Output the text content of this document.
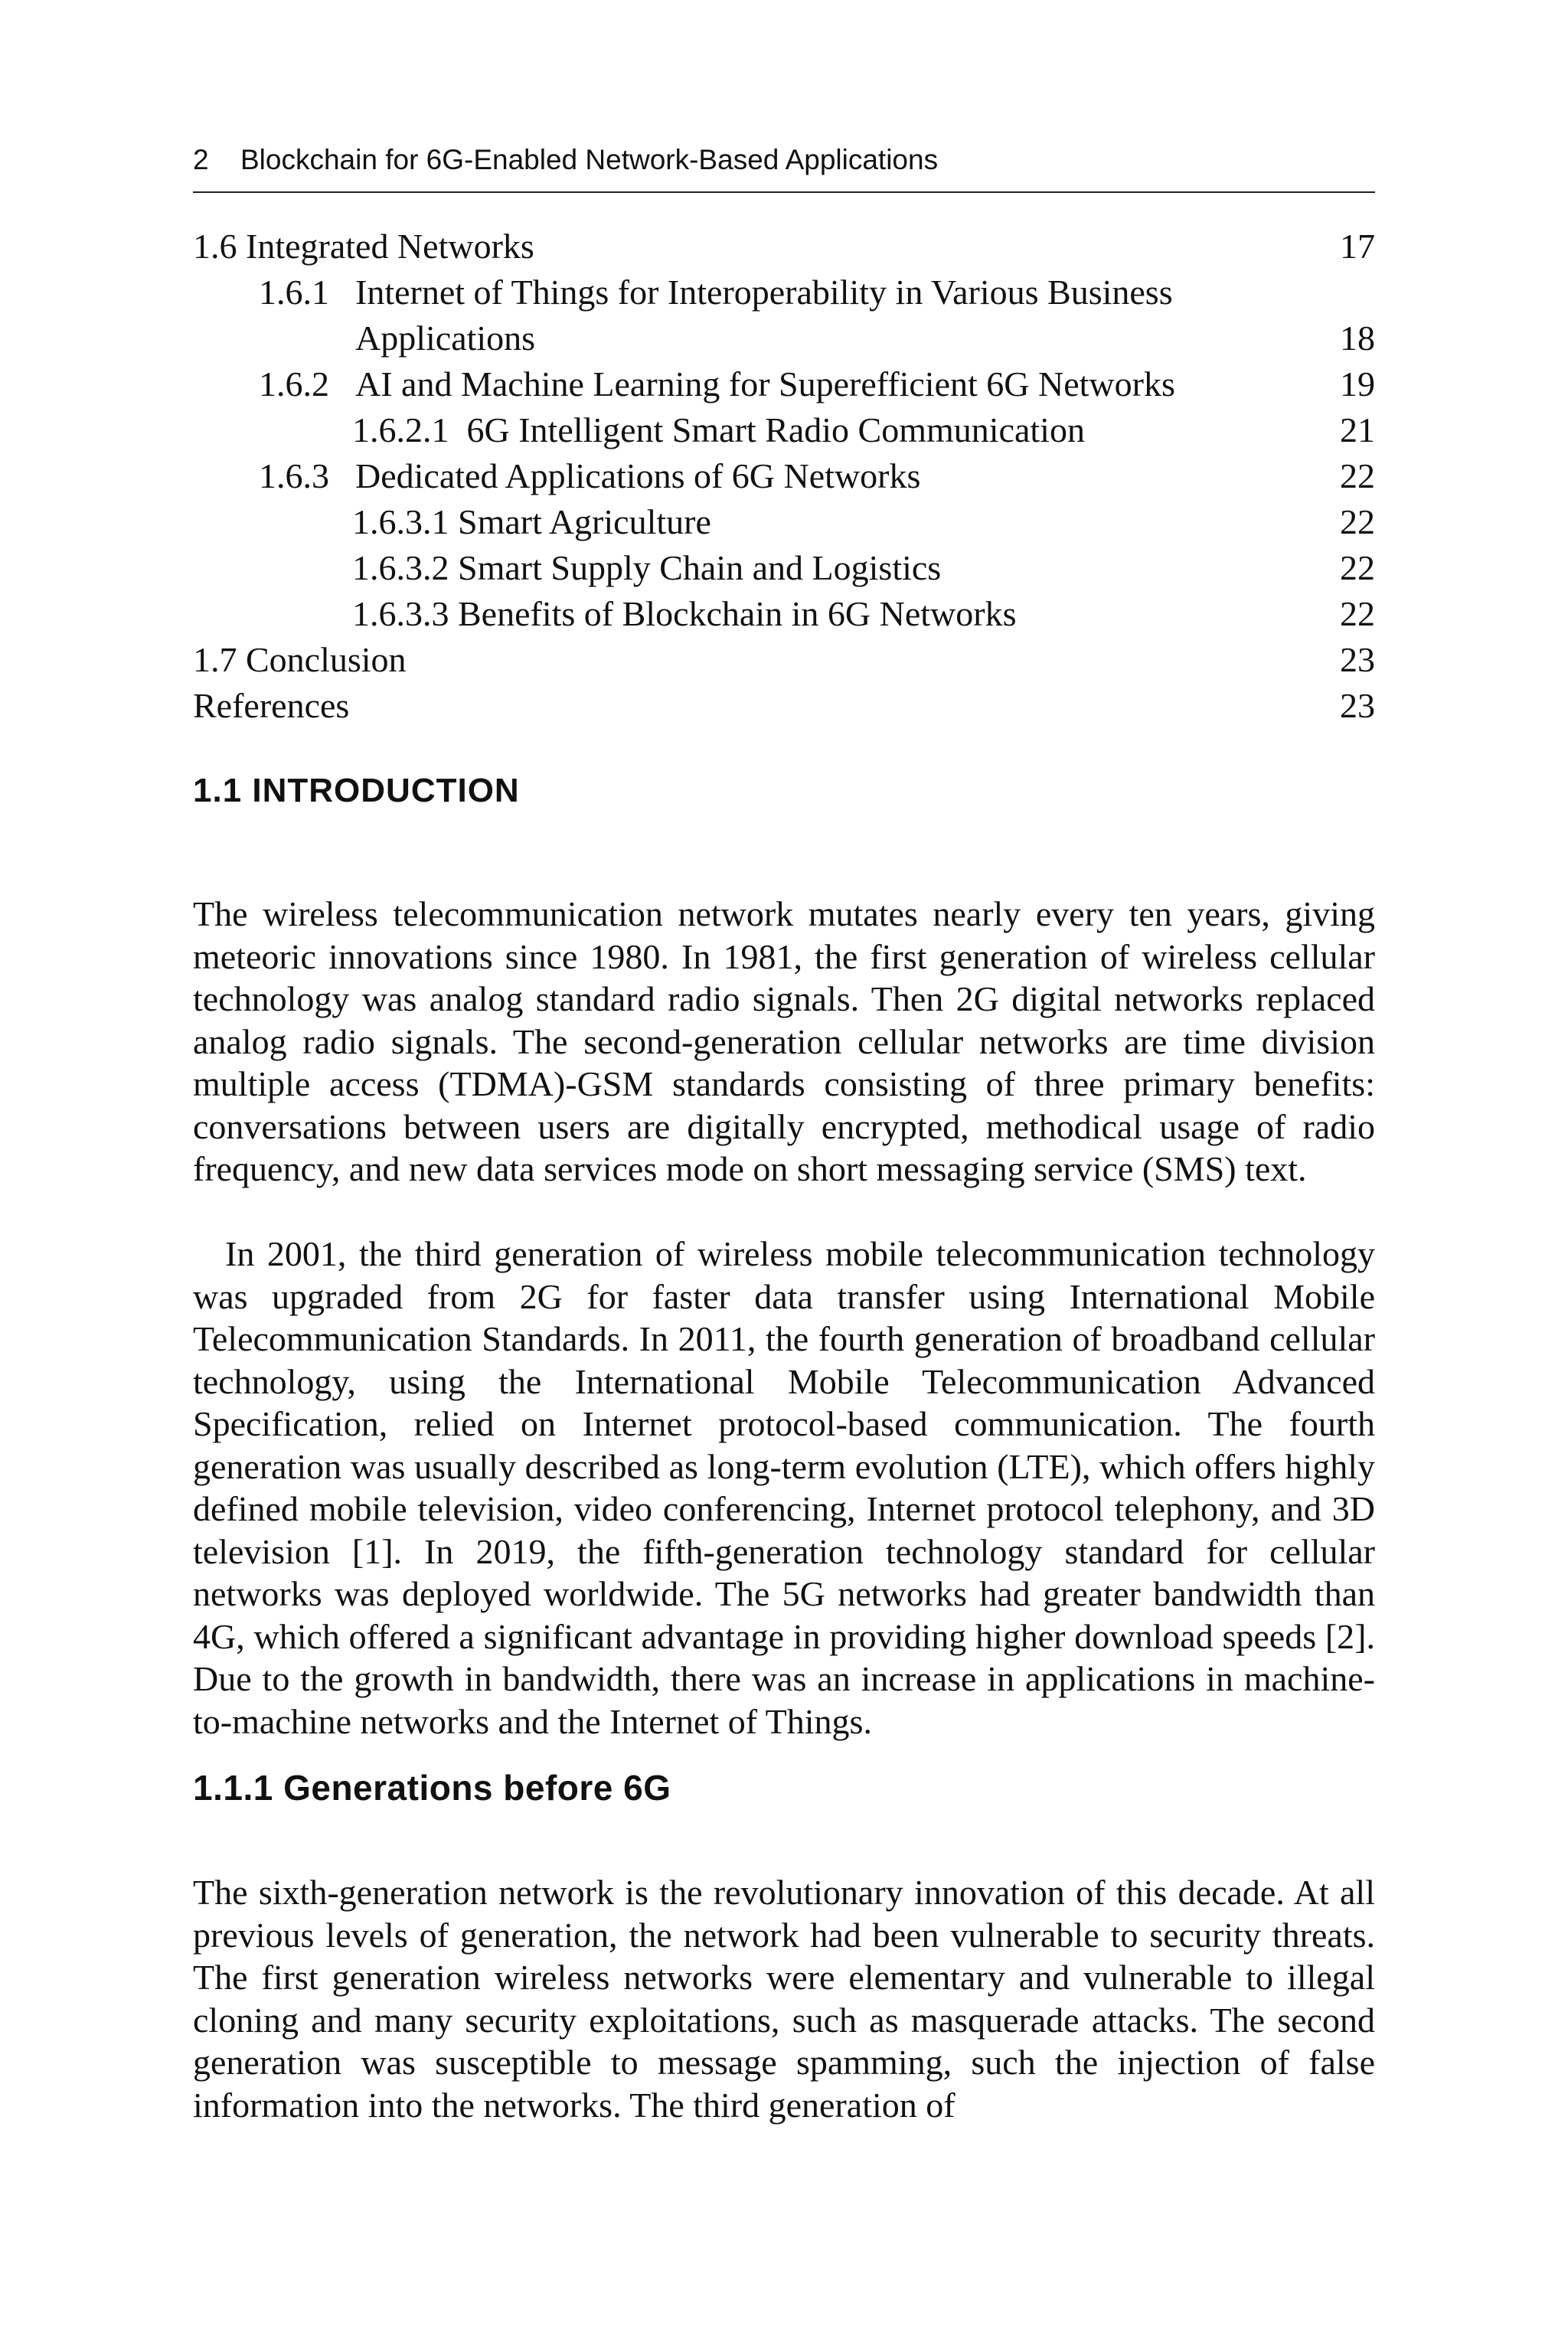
2 Blockchain for 6G-Enabled Network-Based Applications
1.6 Integrated Networks	17
1.6.1 Internet of Things for Interoperability in Various Business
Applications	18
1.6.2 AI and Machine Learning for Superefficient 6G Networks	19
1.6.2.1 6G Intelligent Smart Radio Communication	21
1.6.3 Dedicated Applications of 6G Networks	22
1.6.3.1 Smart Agriculture	22
1.6.3.2 Smart Supply Chain and Logistics	22
1.6.3.3 Benefits of Blockchain in 6G Networks	22
1.7 Conclusion	23
References	23
1.1 INTRODUCTION

The wireless telecommunication network mutates nearly every ten years, giving meteoric innovations since 1980. In 1981, the first generation of wireless cellular technology was analog standard radio signals. Then 2G digital networks replaced analog radio signals. The second-generation cellular networks are time division multiple access (TDMA)-GSM standards consisting of three primary benefits: conversations between users are digitally encrypted, methodical usage of radio frequency, and new data services mode on short messaging service (SMS) text.

In 2001, the third generation of wireless mobile telecommunication technology was upgraded from 2G for faster data transfer using International Mobile Telecommunication Standards. In 2011, the fourth generation of broadband cellular technology, using the International Mobile Telecommunication Advanced Specification, relied on Internet protocol-based communication. The fourth generation was usually described as long-term evolution (LTE), which offers highly defined mobile television, video conferencing, Internet protocol telephony, and 3D television [1]. In 2019, the fifth-generation technology standard for cellular networks was deployed worldwide. The 5G networks had greater bandwidth than 4G, which offered a significant advantage in providing higher download speeds [2]. Due to the growth in bandwidth, there was an increase in applications in machine-to-machine networks and the Internet of Things.

1.1.1 Generations before 6G

The sixth-generation network is the revolutionary innovation of this decade. At all previous levels of generation, the network had been vulnerable to security threats. The first generation wireless networks were elementary and vulnerable to illegal cloning and many security exploitations, such as masquerade attacks. The second generation was susceptible to message spamming, such the injection of false information into the networks. The third generation of
